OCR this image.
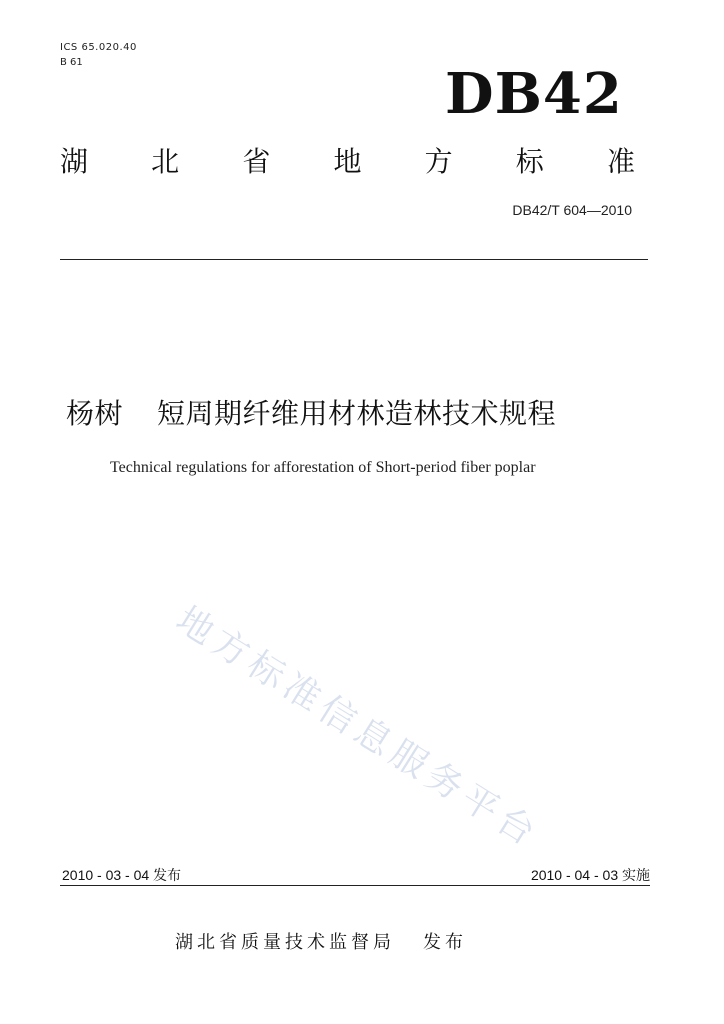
ICS 65.020.40
B 61	DB42
湖 北 省 地 方 标 准
DB42/T 604—2010
杨树 短周期纤维用材林造林技术规程
Technical regulations for afforestation of Short-period fiber poplar
地方标准信息服务平台
2010 - 03 - 04 发布	2010 - 04 - 03 实施
湖北省质量技术监督局 发布
